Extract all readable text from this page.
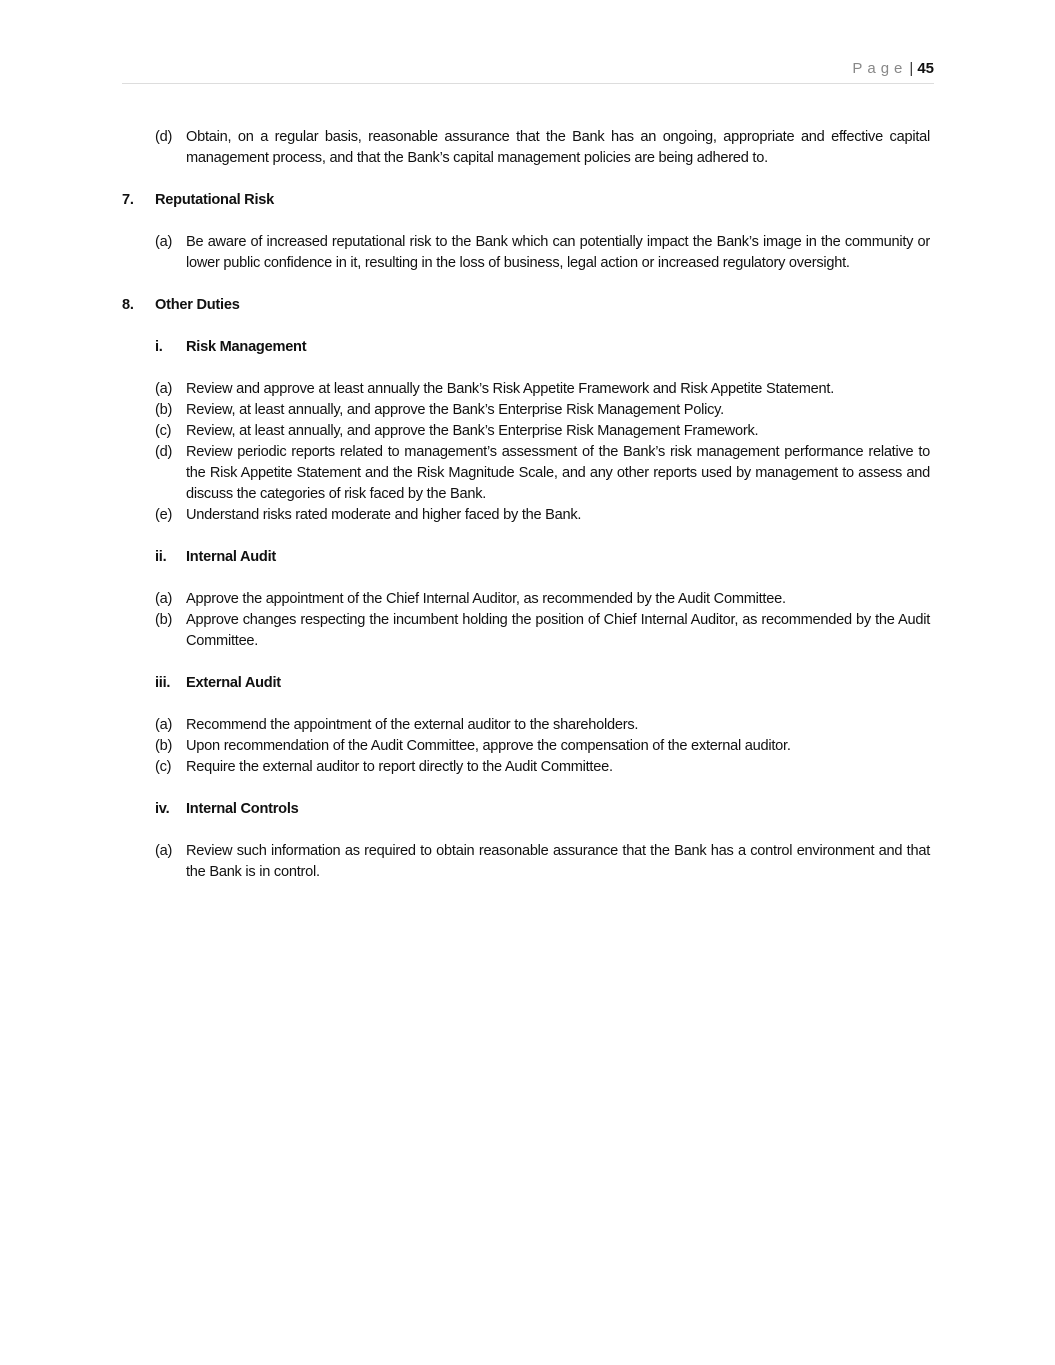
Page | 45
(d) Obtain, on a regular basis, reasonable assurance that the Bank has an ongoing, appropriate and effective capital management process, and that the Bank’s capital management policies are being adhered to.
7.	Reputational Risk
(a) Be aware of increased reputational risk to the Bank which can potentially impact the Bank’s image in the community or lower public confidence in it, resulting in the loss of business, legal action or increased regulatory oversight.
8.	Other Duties
i.	Risk Management
(a) Review and approve at least annually the Bank’s Risk Appetite Framework and Risk Appetite Statement.
(b) Review, at least annually, and approve the Bank’s Enterprise Risk Management Policy.
(c)	Review, at least annually, and approve the Bank’s Enterprise Risk Management Framework.
(d) Review periodic reports related to management’s assessment of the Bank’s risk management performance relative to the Risk Appetite Statement and the Risk Magnitude Scale, and any other reports used by management to assess and discuss the categories of risk faced by the Bank.
(e) Understand risks rated moderate and higher faced by the Bank.
ii.	Internal Audit
(a) Approve the appointment of the Chief Internal Auditor, as recommended by the Audit Committee.
(b) Approve changes respecting the incumbent holding the position of Chief Internal Auditor, as recommended by the Audit Committee.
iii.	External Audit
(a) Recommend the appointment of the external auditor to the shareholders.
(b) Upon recommendation of the Audit Committee, approve the compensation of the external auditor.
(c)	Require the external auditor to report directly to the Audit Committee.
iv.	Internal Controls
(a) Review such information as required to obtain reasonable assurance that the Bank has a control environment and that the Bank is in control.
